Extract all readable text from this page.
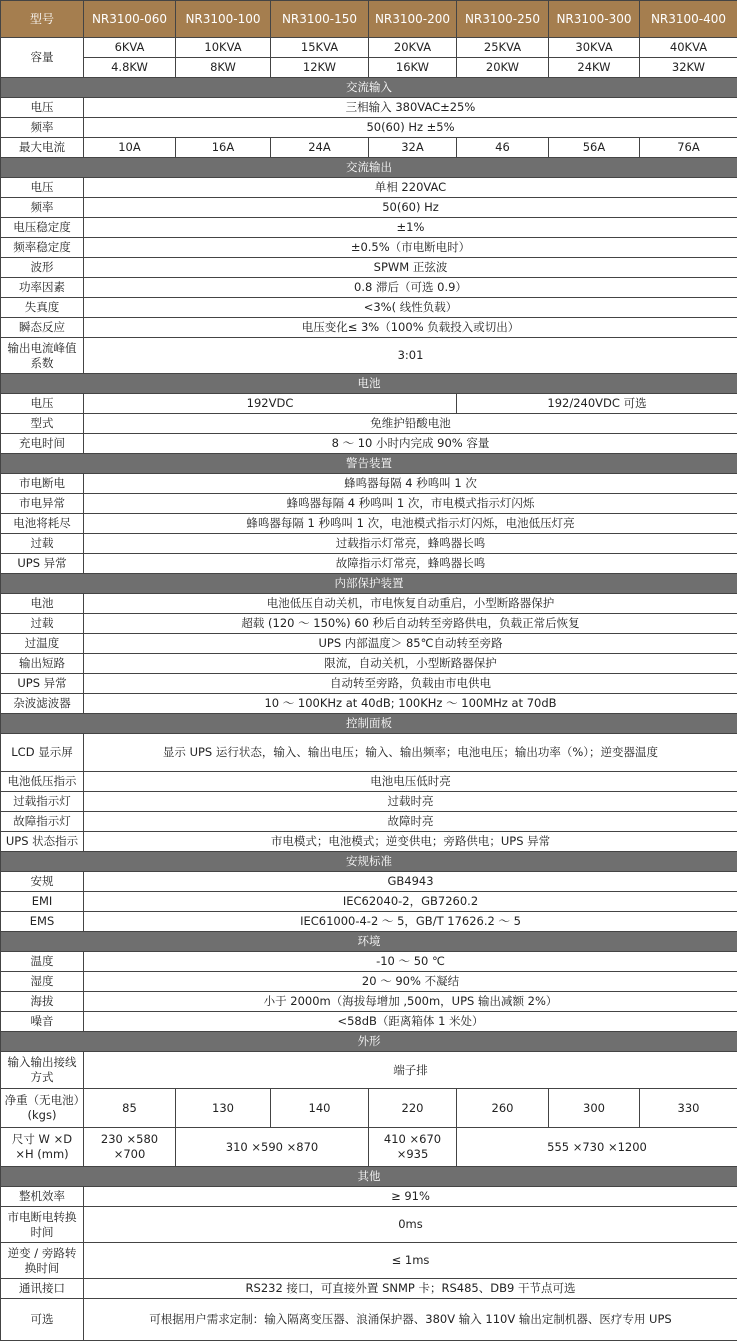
型号	NR3100-060	NR3100-100	NR3100-150	NR3100-200	NR3100-250	NR3100-300	NR3100-400
容量	6KVA	10KVA	15KVA	20KVA	25KVA	30KVA	40KVA
	4.8KW	8KW	12KW	16KW	20KW	24KW	32KW
交流输入							
电压	三相输入 380VAC±25%						
频率	50(60) Hz ±5%						
最大电流	10A	16A	24A	32A	46	56A	76A
交流输出							
电压	单相 220VAC						
频率	50(60) Hz						
电压稳定度	±1%						
频率稳定度	±0.5%（市电断电时）						
波形	SPWM 正弦波						
功率因素	0.8 滞后（可选 0.9）						
失真度	<3%( 线性负载）						
瞬态反应	电压变化≤ 3%（100% 负载投入或切出）						
输出电流峰值系数	3:01						
电池							
电压	192VDC				192/240VDC 可选		
型式	免维护铅酸电池						
充电时间	8 ～ 10 小时内完成 90% 容量						
警告装置							
市电断电	蜂鸣器每隔 4 秒鸣叫 1 次						
市电异常	蜂鸣器每隔 4 秒鸣叫 1 次，市电模式指示灯闪烁						
电池将耗尽	蜂鸣器每隔 1 秒鸣叫 1 次，电池模式指示灯闪烁，电池低压灯亮						
过载	过载指示灯常亮，蜂鸣器长鸣						
UPS 异常	故障指示灯常亮，蜂鸣器长鸣						
内部保护装置							
电池	电池低压自动关机，市电恢复自动重启，小型断路器保护						
过载	超载 (120 ～ 150%) 60 秒后自动转至旁路供电，负载正常后恢复						
过温度	UPS 内部温度＞ 85℃自动转至旁路						
输出短路	限流，自动关机，小型断路器保护						
UPS 异常	自动转至旁路，负载由市电供电						
杂波滤波器	10 ～ 100KHz at 40dB; 100KHz ～ 100MHz at 70dB						
控制面板							
LCD 显示屏	显示 UPS 运行状态，输入、输出电压；输入、输出频率；电池电压；输出功率（%）；逆变器温度						
电池低压指示	电池电压低时亮						
过载指示灯	过载时亮						
故障指示灯	故障时亮						
UPS 状态指示	市电模式；电池模式；逆变供电；旁路供电；UPS 异常						
安规标准							
安规	GB4943						
EMI	IEC62040-2，GB7260.2						
EMS	IEC61000-4-2 ～ 5，GB/T 17626.2 ～ 5						
环境							
温度	-10 ～ 50 ℃						
湿度	20 ～ 90% 不凝结						
海拔	小于 2000m（海拔每增加 ,500m，UPS 输出减额 2%）						
噪音	<58dB（距离箱体 1 米处）						
外形							
输入输出接线方式	端子排						
净重（无电池）(kgs)	85	130	140	220	260	300	330
尺寸 W ×D ×H (mm)	230 ×580 ×700	310 ×590 ×870		410 ×670 ×935	555 ×730 ×1200		
其他							
整机效率	≥ 91%						
市电断电转换时间	0ms						
逆变 / 旁路转换时间	≤ 1ms						
通讯接口	RS232 接口，可直接外置 SNMP 卡；RS485、DB9 干节点可选						
可选	可根据用户需求定制：输入隔离变压器、浪涌保护器、380V 输入 110V 输出定制机器、医疗专用 UPS						
